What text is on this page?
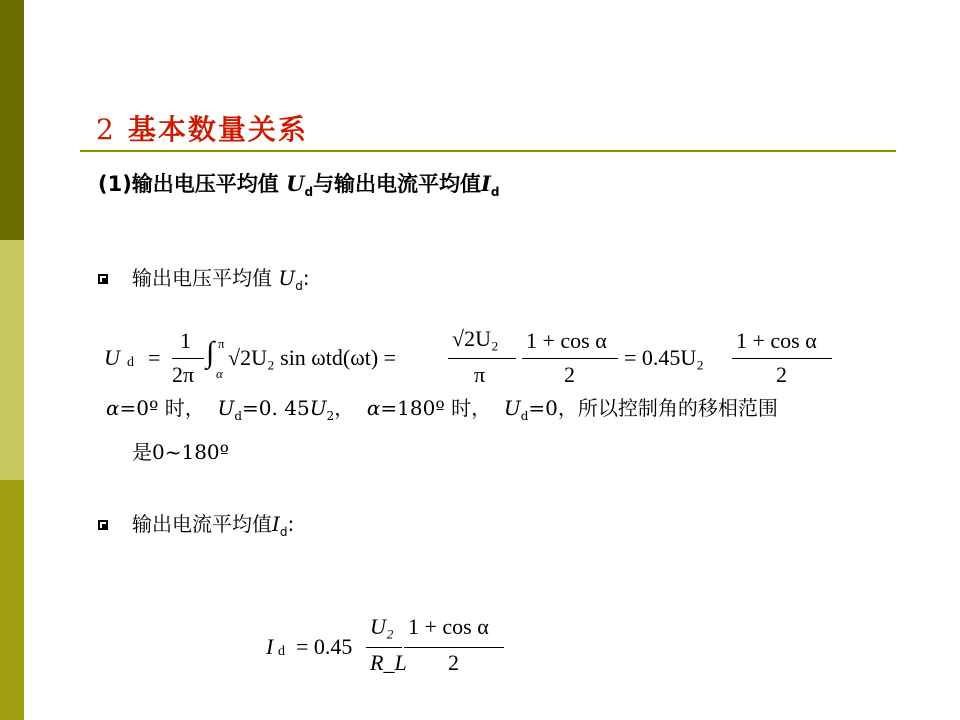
2 基本数量关系
(1)输出电压平均值 $U_d$与输出电流平均值$I_d$
输出电压平均值 $U_d$:
U d =
1
2π
∫ π
α
√2U₂ sin ωtd(ωt) =
√2U₂
π
1 + cos α
2
= 0.45U₂
1 + cos α
2
α=0º 时， $U_d=0$. $45U_2$， α=180º 时， $U_d=0$，所以控制角的移相范围
是0~180º
输出电流平均值$I_d$:
I d = 0.45
U₂
R_L
1 + cos α
2
